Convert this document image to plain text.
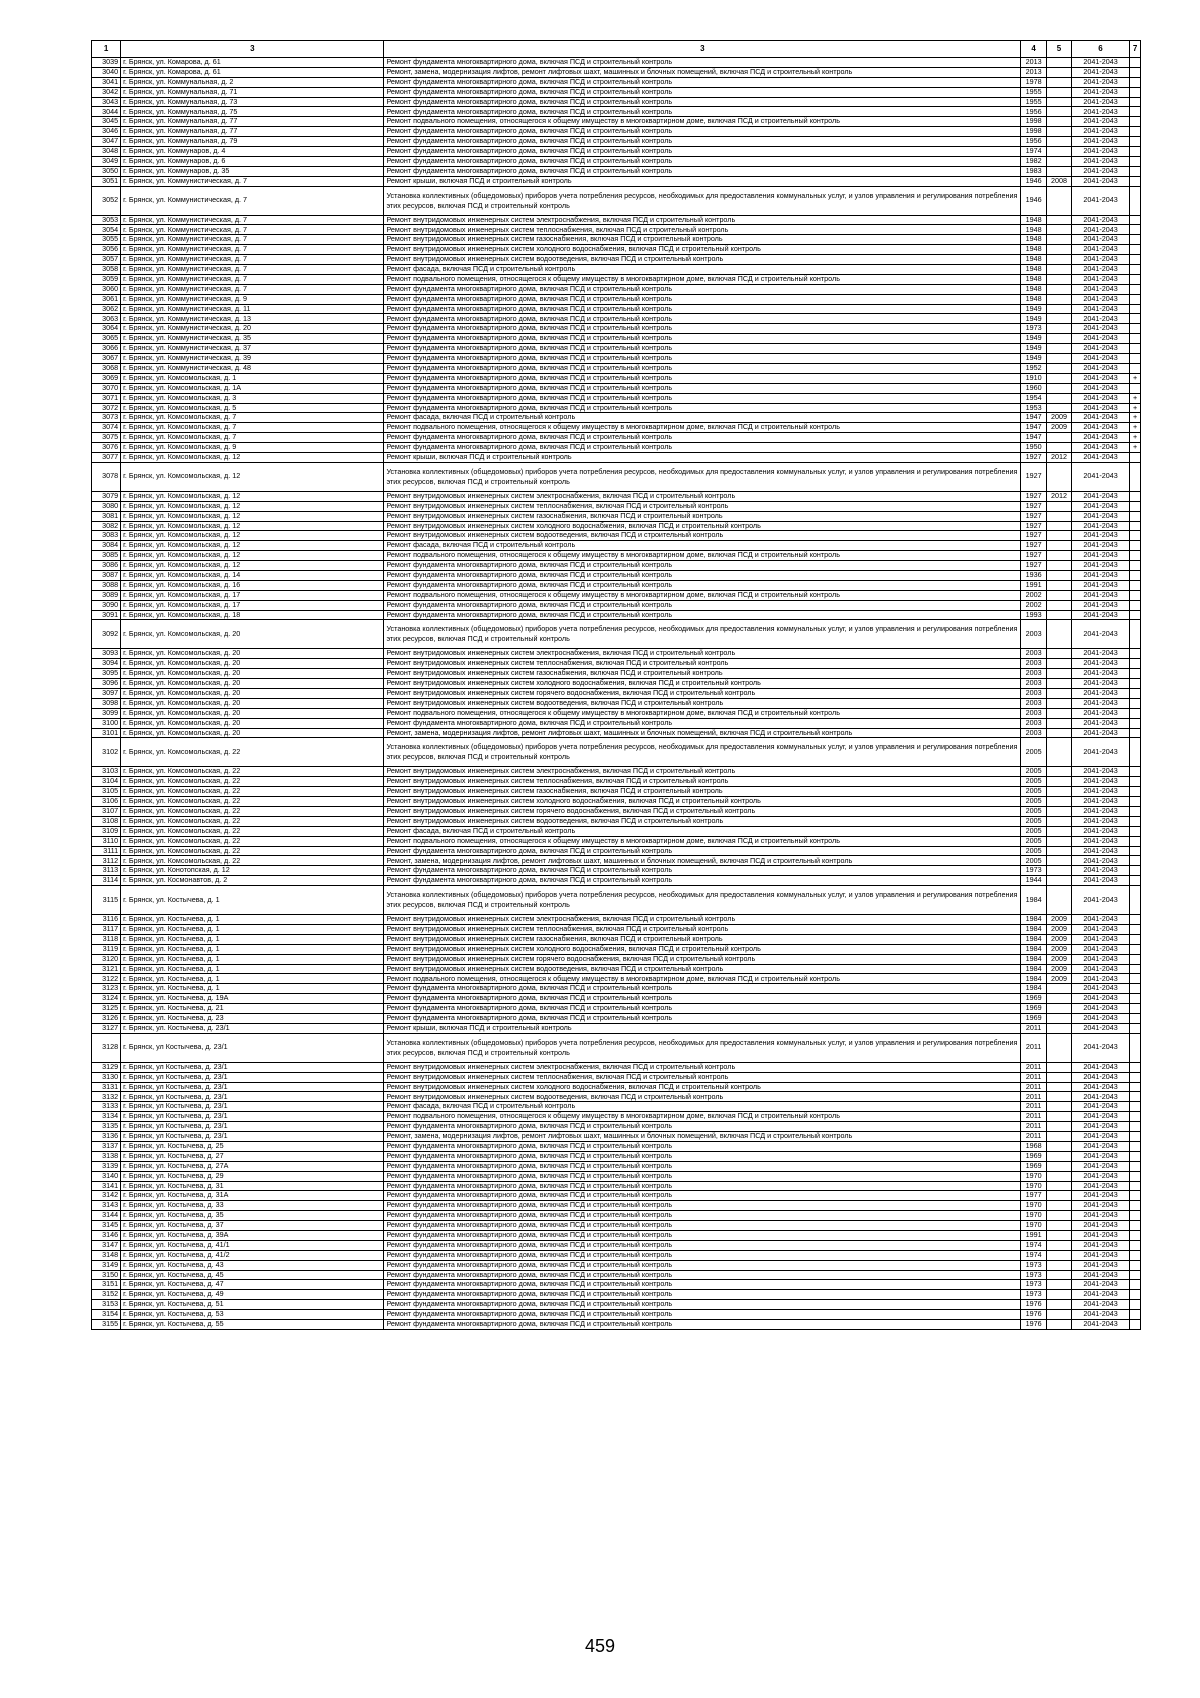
1	3	3	4	5	6	7
3039	г. Брянск, ул. Комарова, д. 61	Ремонт фундамента многоквартирного дома, включая ПСД и строительный контроль	2013		2041-2043	
3040	г. Брянск, ул. Комарова, д. 61	Ремонт, замена, модернизация лифтов, ремонт лифтовых шахт, машинных и блочных помещений, включая ПСД и строительный контроль	2013		2041-2043	
3041	г. Брянск, ул. Коммунальная, д. 2	Ремонт фундамента многоквартирного дома, включая ПСД и строительный контроль	1978		2041-2043	
3042	г. Брянск, ул. Коммунальная, д. 71	Ремонт фундамента многоквартирного дома, включая ПСД и строительный контроль	1955		2041-2043	
3043	г. Брянск, ул. Коммунальная, д. 73	Ремонт фундамента многоквартирного дома, включая ПСД и строительный контроль	1955		2041-2043	
3044	г. Брянск, ул. Коммунальная, д. 75	Ремонт фундамента многоквартирного дома, включая ПСД и строительный контроль	1956		2041-2043	
3045	г. Брянск, ул. Коммунальная, д. 77	Ремонт подвального помещения, относящегося к общему имуществу в многоквартирном доме, включая ПСД и строительный контроль	1998		2041-2043	
3046	г. Брянск, ул. Коммунальная, д. 77	Ремонт фундамента многоквартирного дома, включая ПСД и строительный контроль	1998		2041-2043	
3047	г. Брянск, ул. Коммунальная, д. 79	Ремонт фундамента многоквартирного дома, включая ПСД и строительный контроль	1956		2041-2043	
3048	г. Брянск, ул. Коммунаров, д. 4	Ремонт фундамента многоквартирного дома, включая ПСД и строительный контроль	1974		2041-2043	
3049	г. Брянск, ул. Коммунаров, д. 6	Ремонт фундамента многоквартирного дома, включая ПСД и строительный контроль	1982		2041-2043	
3050	г. Брянск, ул. Коммунаров, д. 35	Ремонт фундамента многоквартирного дома, включая ПСД и строительный контроль	1983		2041-2043	
3051	г. Брянск, ул. Коммунистическая, д. 7	Ремонт крыши, включая ПСД и строительный контроль	1946	2008	2041-2043	
3052	г. Брянск, ул. Коммунистическая, д. 7	Установка коллективных (общедомовых) приборов учета потребления ресурсов, необходимых для предоставления коммунальных услуг, и узлов управления и регулирования потребления этих ресурсов, включая ПСД и строительный контроль	1946		2041-2043	
3053	г. Брянск, ул. Коммунистическая, д. 7	Ремонт внутридомовых инженерных систем электроснабжения, включая ПСД и строительный контроль	1948		2041-2043	
3054	г. Брянск, ул. Коммунистическая, д. 7	Ремонт внутридомовых инженерных систем теплоснабжения, включая ПСД и строительный контроль	1948		2041-2043	
3055	г. Брянск, ул. Коммунистическая, д. 7	Ремонт внутридомовых инженерных систем газоснабжения, включая ПСД и строительный контроль	1948		2041-2043	
3056	г. Брянск, ул. Коммунистическая, д. 7	Ремонт внутридомовых инженерных систем холодного водоснабжения, включая ПСД и строительный контроль	1948		2041-2043	
3057	г. Брянск, ул. Коммунистическая, д. 7	Ремонт внутридомовых инженерных систем водоотведения, включая ПСД и строительный контроль	1948		2041-2043	
3058	г. Брянск, ул. Коммунистическая, д. 7	Ремонт фасада, включая ПСД и строительный контроль	1948		2041-2043	
3059	г. Брянск, ул. Коммунистическая, д. 7	Ремонт подвального помещения, относящегося к общему имуществу в многоквартирном доме, включая ПСД и строительный контроль	1948		2041-2043	
3060	г. Брянск, ул. Коммунистическая, д. 7	Ремонт фундамента многоквартирного дома, включая ПСД и строительный контроль	1948		2041-2043	
3061	г. Брянск, ул. Коммунистическая, д. 9	Ремонт фундамента многоквартирного дома, включая ПСД и строительный контроль	1948		2041-2043	
3062	г. Брянск, ул. Коммунистическая, д. 11	Ремонт фундамента многоквартирного дома, включая ПСД и строительный контроль	1949		2041-2043	
3063	г. Брянск, ул. Коммунистическая, д. 13	Ремонт фундамента многоквартирного дома, включая ПСД и строительный контроль	1949		2041-2043	
3064	г. Брянск, ул. Коммунистическая, д. 20	Ремонт фундамента многоквартирного дома, включая ПСД и строительный контроль	1973		2041-2043	
3065	г. Брянск, ул. Коммунистическая, д. 35	Ремонт фундамента многоквартирного дома, включая ПСД и строительный контроль	1949		2041-2043	
3066	г. Брянск, ул. Коммунистическая, д. 37	Ремонт фундамента многоквартирного дома, включая ПСД и строительный контроль	1949		2041-2043	
3067	г. Брянск, ул. Коммунистическая, д. 39	Ремонт фундамента многоквартирного дома, включая ПСД и строительный контроль	1949		2041-2043	
3068	г. Брянск, ул. Коммунистическая, д. 48	Ремонт фундамента многоквартирного дома, включая ПСД и строительный контроль	1952		2041-2043	
3069	г. Брянск, ул. Комсомольская, д. 1	Ремонт фундамента многоквартирного дома, включая ПСД и строительный контроль	1910		2041-2043	+
3070	г. Брянск, ул. Комсомольская, д. 1А	Ремонт фундамента многоквартирного дома, включая ПСД и строительный контроль	1960		2041-2043	
3071	г. Брянск, ул. Комсомольская, д. 3	Ремонт фундамента многоквартирного дома, включая ПСД и строительный контроль	1954		2041-2043	+
3072	г. Брянск, ул. Комсомольская, д. 5	Ремонт фундамента многоквартирного дома, включая ПСД и строительный контроль	1953		2041-2043	+
3073	г. Брянск, ул. Комсомольская, д. 7	Ремонт фасада, включая ПСД и строительный контроль	1947	2009	2041-2043	+
3074	г. Брянск, ул. Комсомольская, д. 7	Ремонт подвального помещения, относящегося к общему имуществу в многоквартирном доме, включая ПСД и строительный контроль	1947	2009	2041-2043	+
3075	г. Брянск, ул. Комсомольская, д. 7	Ремонт фундамента многоквартирного дома, включая ПСД и строительный контроль	1947		2041-2043	+
3076	г. Брянск, ул. Комсомольская, д. 9	Ремонт фундамента многоквартирного дома, включая ПСД и строительный контроль	1950		2041-2043	+
3077	г. Брянск, ул. Комсомольская, д. 12	Ремонт крыши, включая ПСД и строительный контроль	1927	2012	2041-2043	
3078	г. Брянск, ул. Комсомольская, д. 12	Установка коллективных (общедомовых) приборов учета потребления ресурсов, необходимых для предоставления коммунальных услуг, и узлов управления и регулирования потребления этих ресурсов, включая ПСД и строительный контроль	1927		2041-2043	
3079	г. Брянск, ул. Комсомольская, д. 12	Ремонт внутридомовых инженерных систем электроснабжения, включая ПСД и строительный контроль	1927	2012	2041-2043	
3080	г. Брянск, ул. Комсомольская, д. 12	Ремонт внутридомовых инженерных систем теплоснабжения, включая ПСД и строительный контроль	1927		2041-2043	
3081	г. Брянск, ул. Комсомольская, д. 12	Ремонт внутридомовых инженерных систем газоснабжения, включая ПСД и строительный контроль	1927		2041-2043	
3082	г. Брянск, ул. Комсомольская, д. 12	Ремонт внутридомовых инженерных систем холодного водоснабжения, включая ПСД и строительный контроль	1927		2041-2043	
3083	г. Брянск, ул. Комсомольская, д. 12	Ремонт внутридомовых инженерных систем водоотведения, включая ПСД и строительный контроль	1927		2041-2043	
3084	г. Брянск, ул. Комсомольская, д. 12	Ремонт фасада, включая ПСД и строительный контроль	1927		2041-2043	
3085	г. Брянск, ул. Комсомольская, д. 12	Ремонт подвального помещения, относящегося к общему имуществу в многоквартирном доме, включая ПСД и строительный контроль	1927		2041-2043	
3086	г. Брянск, ул. Комсомольская, д. 12	Ремонт фундамента многоквартирного дома, включая ПСД и строительный контроль	1927		2041-2043	
3087	г. Брянск, ул. Комсомольская, д. 14	Ремонт фундамента многоквартирного дома, включая ПСД и строительный контроль	1936		2041-2043	
3088	г. Брянск, ул. Комсомольская, д. 16	Ремонт фундамента многоквартирного дома, включая ПСД и строительный контроль	1991		2041-2043	
3089	г. Брянск, ул. Комсомольская, д. 17	Ремонт подвального помещения, относящегося к общему имуществу в многоквартирном доме, включая ПСД и строительный контроль	2002		2041-2043	
3090	г. Брянск, ул. Комсомольская, д. 17	Ремонт фундамента многоквартирного дома, включая ПСД и строительный контроль	2002		2041-2043	
3091	г. Брянск, ул. Комсомольская, д. 18	Ремонт фундамента многоквартирного дома, включая ПСД и строительный контроль	1993		2041-2043	
3092	г. Брянск, ул. Комсомольская, д. 20	Установка коллективных (общедомовых) приборов учета потребления ресурсов, необходимых для предоставления коммунальных услуг, и узлов управления и регулирования потребления этих ресурсов, включая ПСД и строительный контроль	2003		2041-2043	
3093	г. Брянск, ул. Комсомольская, д. 20	Ремонт внутридомовых инженерных систем электроснабжения, включая ПСД и строительный контроль	2003		2041-2043	
3094	г. Брянск, ул. Комсомольская, д. 20	Ремонт внутридомовых инженерных систем теплоснабжения, включая ПСД и строительный контроль	2003		2041-2043	
3095	г. Брянск, ул. Комсомольская, д. 20	Ремонт внутридомовых инженерных систем газоснабжения, включая ПСД и строительный контроль	2003		2041-2043	
3096	г. Брянск, ул. Комсомольская, д. 20	Ремонт внутридомовых инженерных систем холодного водоснабжения, включая ПСД и строительный контроль	2003		2041-2043	
3097	г. Брянск, ул. Комсомольская, д. 20	Ремонт внутридомовых инженерных систем горячего водоснабжения, включая ПСД и строительный контроль	2003		2041-2043	
3098	г. Брянск, ул. Комсомольская, д. 20	Ремонт внутридомовых инженерных систем водоотведения, включая ПСД и строительный контроль	2003		2041-2043	
3099	г. Брянск, ул. Комсомольская, д. 20	Ремонт подвального помещения, относящегося к общему имуществу в многоквартирном доме, включая ПСД и строительный контроль	2003		2041-2043	
3100	г. Брянск, ул. Комсомольская, д. 20	Ремонт фундамента многоквартирного дома, включая ПСД и строительный контроль	2003		2041-2043	
3101	г. Брянск, ул. Комсомольская, д. 20	Ремонт, замена, модернизация лифтов, ремонт лифтовых шахт, машинных и блочных помещений, включая ПСД и строительный контроль	2003		2041-2043	
3102	г. Брянск, ул. Комсомольская, д. 22	Установка коллективных (общедомовых) приборов учета потребления ресурсов, необходимых для предоставления коммунальных услуг, и узлов управления и регулирования потребления этих ресурсов, включая ПСД и строительный контроль	2005		2041-2043	
3103	г. Брянск, ул. Комсомольская, д. 22	Ремонт внутридомовых инженерных систем электроснабжения, включая ПСД и строительный контроль	2005		2041-2043	
3104	г. Брянск, ул. Комсомольская, д. 22	Ремонт внутридомовых инженерных систем теплоснабжения, включая ПСД и строительный контроль	2005		2041-2043	
3105	г. Брянск, ул. Комсомольская, д. 22	Ремонт внутридомовых инженерных систем газоснабжения, включая ПСД и строительный контроль	2005		2041-2043	
3106	г. Брянск, ул. Комсомольская, д. 22	Ремонт внутридомовых инженерных систем холодного водоснабжения, включая ПСД и строительный контроль	2005		2041-2043	
3107	г. Брянск, ул. Комсомольская, д. 22	Ремонт внутридомовых инженерных систем горячего водоснабжения, включая ПСД и строительный контроль	2005		2041-2043	
3108	г. Брянск, ул. Комсомольская, д. 22	Ремонт внутридомовых инженерных систем водоотведения, включая ПСД и строительный контроль	2005		2041-2043	
3109	г. Брянск, ул. Комсомольская, д. 22	Ремонт фасада, включая ПСД и строительный контроль	2005		2041-2043	
3110	г. Брянск, ул. Комсомольская, д. 22	Ремонт подвального помещения, относящегося к общему имуществу в многоквартирном доме, включая ПСД и строительный контроль	2005		2041-2043	
3111	г. Брянск, ул. Комсомольская, д. 22	Ремонт фундамента многоквартирного дома, включая ПСД и строительный контроль	2005		2041-2043	
3112	г. Брянск, ул. Комсомольская, д. 22	Ремонт, замена, модернизация лифтов, ремонт лифтовых шахт, машинных и блочных помещений, включая ПСД и строительный контроль	2005		2041-2043	
3113	г. Брянск, ул. Конотопская, д. 12	Ремонт фундамента многоквартирного дома, включая ПСД и строительный контроль	1973		2041-2043	
3114	г. Брянск, ул. Космонавтов, д. 2	Ремонт фундамента многоквартирного дома, включая ПСД и строительный контроль	1944		2041-2043	
3115	г. Брянск, ул. Костычева, д. 1	Установка коллективных (общедомовых) приборов учета потребления ресурсов, необходимых для предоставления коммунальных услуг, и узлов управления и регулирования потребления этих ресурсов, включая ПСД и строительный контроль	1984		2041-2043	
3116	г. Брянск, ул. Костычева, д. 1	Ремонт внутридомовых инженерных систем электроснабжения, включая ПСД и строительный контроль	1984	2009	2041-2043	
3117	г. Брянск, ул. Костычева, д. 1	Ремонт внутридомовых инженерных систем теплоснабжения, включая ПСД и строительный контроль	1984	2009	2041-2043	
3118	г. Брянск, ул. Костычева, д. 1	Ремонт внутридомовых инженерных систем газоснабжения, включая ПСД и строительный контроль	1984	2009	2041-2043	
3119	г. Брянск, ул. Костычева, д. 1	Ремонт внутридомовых инженерных систем холодного водоснабжения, включая ПСД и строительный контроль	1984	2009	2041-2043	
3120	г. Брянск, ул. Костычева, д. 1	Ремонт внутридомовых инженерных систем горячего водоснабжения, включая ПСД и строительный контроль	1984	2009	2041-2043	
3121	г. Брянск, ул. Костычева, д. 1	Ремонт внутридомовых инженерных систем водоотведения, включая ПСД и строительный контроль	1984	2009	2041-2043	
3122	г. Брянск, ул. Костычева, д. 1	Ремонт подвального помещения, относящегося к общему имуществу в многоквартирном доме, включая ПСД и строительный контроль	1984	2009	2041-2043	
3123	г. Брянск, ул. Костычева, д. 1	Ремонт фундамента многоквартирного дома, включая ПСД и строительный контроль	1984		2041-2043	
3124	г. Брянск, ул. Костычева, д. 19А	Ремонт фундамента многоквартирного дома, включая ПСД и строительный контроль	1969		2041-2043	
3125	г. Брянск, ул. Костычева, д. 21	Ремонт фундамента многоквартирного дома, включая ПСД и строительный контроль	1969		2041-2043	
3126	г. Брянск, ул. Костычева, д. 23	Ремонт фундамента многоквартирного дома, включая ПСД и строительный контроль	1969		2041-2043	
3127	г. Брянск, ул. Костычева, д. 23/1	Ремонт крыши, включая ПСД и строительный контроль	2011		2041-2043	
3128	г. Брянск, ул Костычева, д. 23/1	Установка коллективных (общедомовых) приборов учета потребления ресурсов, необходимых для предоставления коммунальных услуг, и узлов управления и регулирования потребления этих ресурсов, включая ПСД и строительный контроль	2011		2041-2043	
3129	г. Брянск, ул Костычева, д. 23/1	Ремонт внутридомовых инженерных систем электроснабжения, включая ПСД и строительный контроль	2011		2041-2043	
3130	г. Брянск, ул Костычева, д. 23/1	Ремонт внутридомовых инженерных систем теплоснабжения, включая ПСД и строительный контроль	2011		2041-2043	
3131	г. Брянск, ул Костычева, д. 23/1	Ремонт внутридомовых инженерных систем холодного водоснабжения, включая ПСД и строительный контроль	2011		2041-2043	
3132	г. Брянск, ул Костычева, д. 23/1	Ремонт внутридомовых инженерных систем водоотведения, включая ПСД и строительный контроль	2011		2041-2043	
3133	г. Брянск, ул Костычева, д. 23/1	Ремонт фасада, включая ПСД и строительный контроль	2011		2041-2043	
3134	г. Брянск, ул Костычева, д. 23/1	Ремонт подвального помещения, относящегося к общему имуществу в многоквартирном доме, включая ПСД и строительный контроль	2011		2041-2043	
3135	г. Брянск, ул Костычева, д. 23/1	Ремонт фундамента многоквартирного дома, включая ПСД и строительный контроль	2011		2041-2043	
3136	г. Брянск, ул Костычева, д. 23/1	Ремонт, замена, модернизация лифтов, ремонт лифтовых шахт, машинных и блочных помещений, включая ПСД и строительный контроль	2011		2041-2043	
3137	г. Брянск, ул. Костычева, д. 25	Ремонт фундамента многоквартирного дома, включая ПСД и строительный контроль	1968		2041-2043	
3138	г. Брянск, ул. Костычева, д. 27	Ремонт фундамента многоквартирного дома, включая ПСД и строительный контроль	1969		2041-2043	
3139	г. Брянск, ул. Костычева, д. 27А	Ремонт фундамента многоквартирного дома, включая ПСД и строительный контроль	1969		2041-2043	
3140	г. Брянск, ул. Костычева, д. 29	Ремонт фундамента многоквартирного дома, включая ПСД и строительный контроль	1970		2041-2043	
3141	г. Брянск, ул. Костычева, д. 31	Ремонт фундамента многоквартирного дома, включая ПСД и строительный контроль	1970		2041-2043	
3142	г. Брянск, ул. Костычева, д. 31А	Ремонт фундамента многоквартирного дома, включая ПСД и строительный контроль	1977		2041-2043	
3143	г. Брянск, ул. Костычева, д. 33	Ремонт фундамента многоквартирного дома, включая ПСД и строительный контроль	1970		2041-2043	
3144	г. Брянск, ул. Костычева, д. 35	Ремонт фундамента многоквартирного дома, включая ПСД и строительный контроль	1970		2041-2043	
3145	г. Брянск, ул. Костычева, д. 37	Ремонт фундамента многоквартирного дома, включая ПСД и строительный контроль	1970		2041-2043	
3146	г. Брянск, ул. Костычева, д. 39А	Ремонт фундамента многоквартирного дома, включая ПСД и строительный контроль	1991		2041-2043	
3147	г. Брянск, ул. Костычева, д. 41/1	Ремонт фундамента многоквартирного дома, включая ПСД и строительный контроль	1974		2041-2043	
3148	г. Брянск, ул. Костычева, д. 41/2	Ремонт фундамента многоквартирного дома, включая ПСД и строительный контроль	1974		2041-2043	
3149	г. Брянск, ул. Костычева, д. 43	Ремонт фундамента многоквартирного дома, включая ПСД и строительный контроль	1973		2041-2043	
3150	г. Брянск, ул. Костычева, д. 45	Ремонт фундамента многоквартирного дома, включая ПСД и строительный контроль	1973		2041-2043	
3151	г. Брянск, ул. Костычева, д. 47	Ремонт фундамента многоквартирного дома, включая ПСД и строительный контроль	1973		2041-2043	
3152	г. Брянск, ул. Костычева, д. 49	Ремонт фундамента многоквартирного дома, включая ПСД и строительный контроль	1973		2041-2043	
3153	г. Брянск, ул. Костычева, д. 51	Ремонт фундамента многоквартирного дома, включая ПСД и строительный контроль	1976		2041-2043	
3154	г. Брянск, ул. Костычева, д. 53	Ремонт фундамента многоквартирного дома, включая ПСД и строительный контроль	1976		2041-2043	
3155	г. Брянск, ул. Костычева, д. 55	Ремонт фундамента многоквартирного дома, включая ПСД и строительный контроль	1976		2041-2043	
459
